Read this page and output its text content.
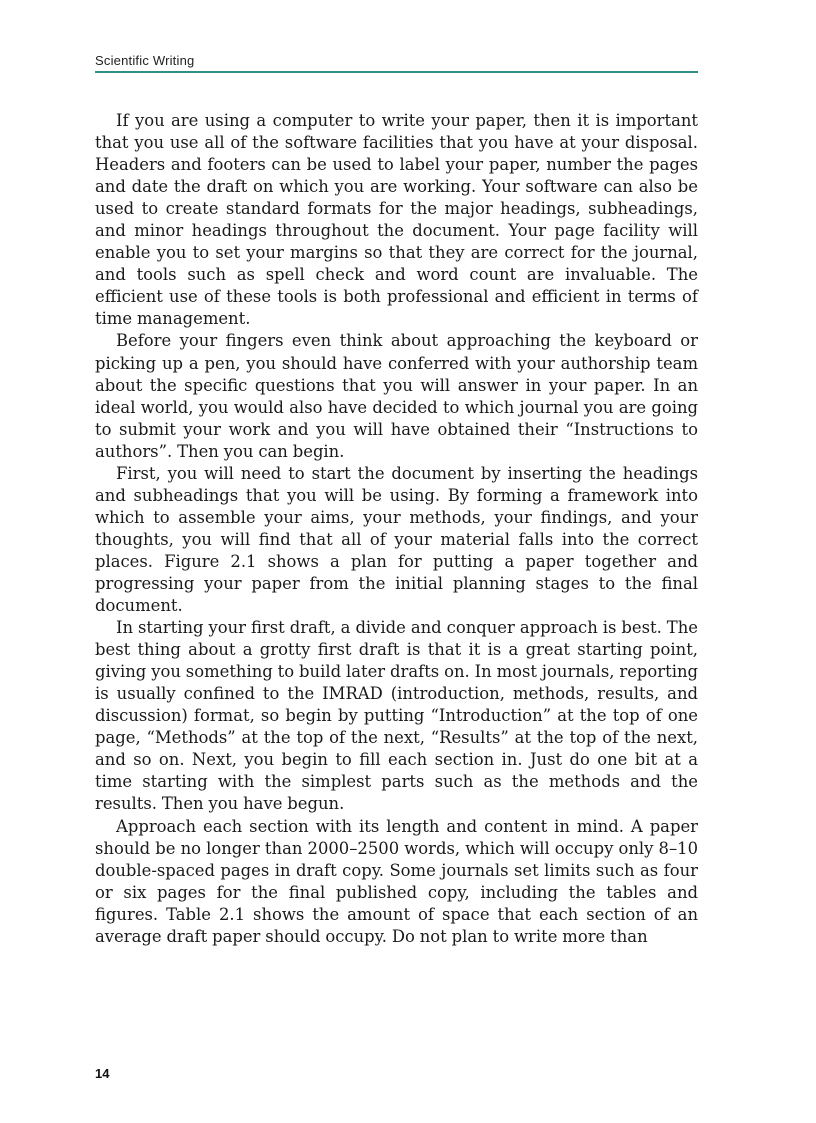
Scientific Writing

If you are using a computer to write your paper, then it is important that you use all of the software facilities that you have at your disposal. Headers and footers can be used to label your paper, number the pages and date the draft on which you are working. Your software can also be used to create standard formats for the major headings, subheadings, and minor headings throughout the document. Your page facility will enable you to set your margins so that they are correct for the journal, and tools such as spell check and word count are invaluable. The efficient use of these tools is both professional and efficient in terms of time management.

Before your fingers even think about approaching the keyboard or picking up a pen, you should have conferred with your authorship team about the specific questions that you will answer in your paper. In an ideal world, you would also have decided to which journal you are going to submit your work and you will have obtained their “Instructions to authors”. Then you can begin.

First, you will need to start the document by inserting the headings and subheadings that you will be using. By forming a framework into which to assemble your aims, your methods, your findings, and your thoughts, you will find that all of your material falls into the correct places. Figure 2.1 shows a plan for putting a paper together and progressing your paper from the initial planning stages to the final document.

In starting your first draft, a divide and conquer approach is best. The best thing about a grotty first draft is that it is a great starting point, giving you something to build later drafts on. In most journals, reporting is usually confined to the IMRAD (introduction, methods, results, and discussion) format, so begin by putting “Introduction” at the top of one page, “Methods” at the top of the next, “Results” at the top of the next, and so on. Next, you begin to fill each section in. Just do one bit at a time starting with the simplest parts such as the methods and the results. Then you have begun.

Approach each section with its length and content in mind. A paper should be no longer than 2000–2500 words, which will occupy only 8–10 double-spaced pages in draft copy. Some journals set limits such as four or six pages for the final published copy, including the tables and figures. Table 2.1 shows the amount of space that each section of an average draft paper should occupy. Do not plan to write more than

14
